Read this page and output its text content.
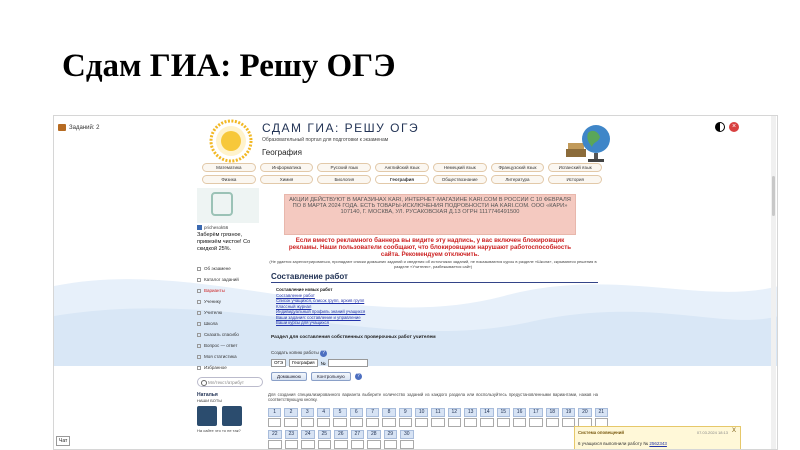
Сдам ГИА: Решу ОГЭ
Заданий: 2	СДАМ ГИА: РЕШУ ОГЭ
Образовательный портал для подготовки к экзаменам
География
×
Математика	Информатика	Русский язык	Английский язык	Немецкий язык	Французский язык	Испанский язык
Физика	Химия	Биология	География	Обществознание	Литература	История
prichesok56
Заберём грязное, привезём чистое! Со скидкой 25%.
Об экзамене
Каталог заданий
Варианты
Ученику
Учителю
Школа
Сказать спасибо
Вопрос — ответ
Моя статистика
Избранное
Мл/текст/атрибут
Наталья
НАШИ БОТЫ
На сайте что то не так?
АКЦИИ ДЕЙСТВУЮТ В МАГАЗИНАХ KARI, ИНТЕРНЕТ-МАГАЗИНЕ KARI.COM В РОССИИ С 10 ФЕВРАЛЯ ПО 8 МАРТА 2024 ГОДА. ЕСТЬ ТОВАРЫ-ИСКЛЮЧЕНИЯ ПОДРОБНОСТИ НА KARI.COM. ООО «КАРИ» 107140, Г. МОСКВА, УЛ. РУСАКОВСКАЯ Д.13 ОГРН 1117746491500
Если вместо рекламного баннера вы видите эту надпись, у вас включен блокировщик рекламы. Наши пользователи сообщают, что блокировщики нарушают работоспособность сайта. Рекомендуем отключить.
(Не удается зарегистрироваться, пропадают списки домашних заданий и сведения об источниках заданий, не показываются курсы в разделе «Школа», скрываются решения в разделе «Учителю», разбежывается сайт)
Составление работ
Составление новых работ
Составление работ
Список учащихся, список групп, архив групп
Классный журнал
Индивидуальный профиль знаний учащихся
Ваши задания: составление и управление
Ваши курсы для учащихся
Раздел для составления собственных проверочных работ учителем
Создать копию работы ?
ОГЭ	География	№
Домашнюю	Контрольную	?
Для создания специализированного варианта выберите количество заданий из каждого раздела или воспользуйтесь предустановленными вариантами, нажав на соответствующую кнопку.
1	2	3	4	5	6	7	8	9	10	11	12	13	14	15	16	17	18	19	20	21
22	23	24	25	26	27	28	29	30	Система оповещений	07.03.2024 18:13 X
6 учащихся выполнили работу № 2562343
Чат
